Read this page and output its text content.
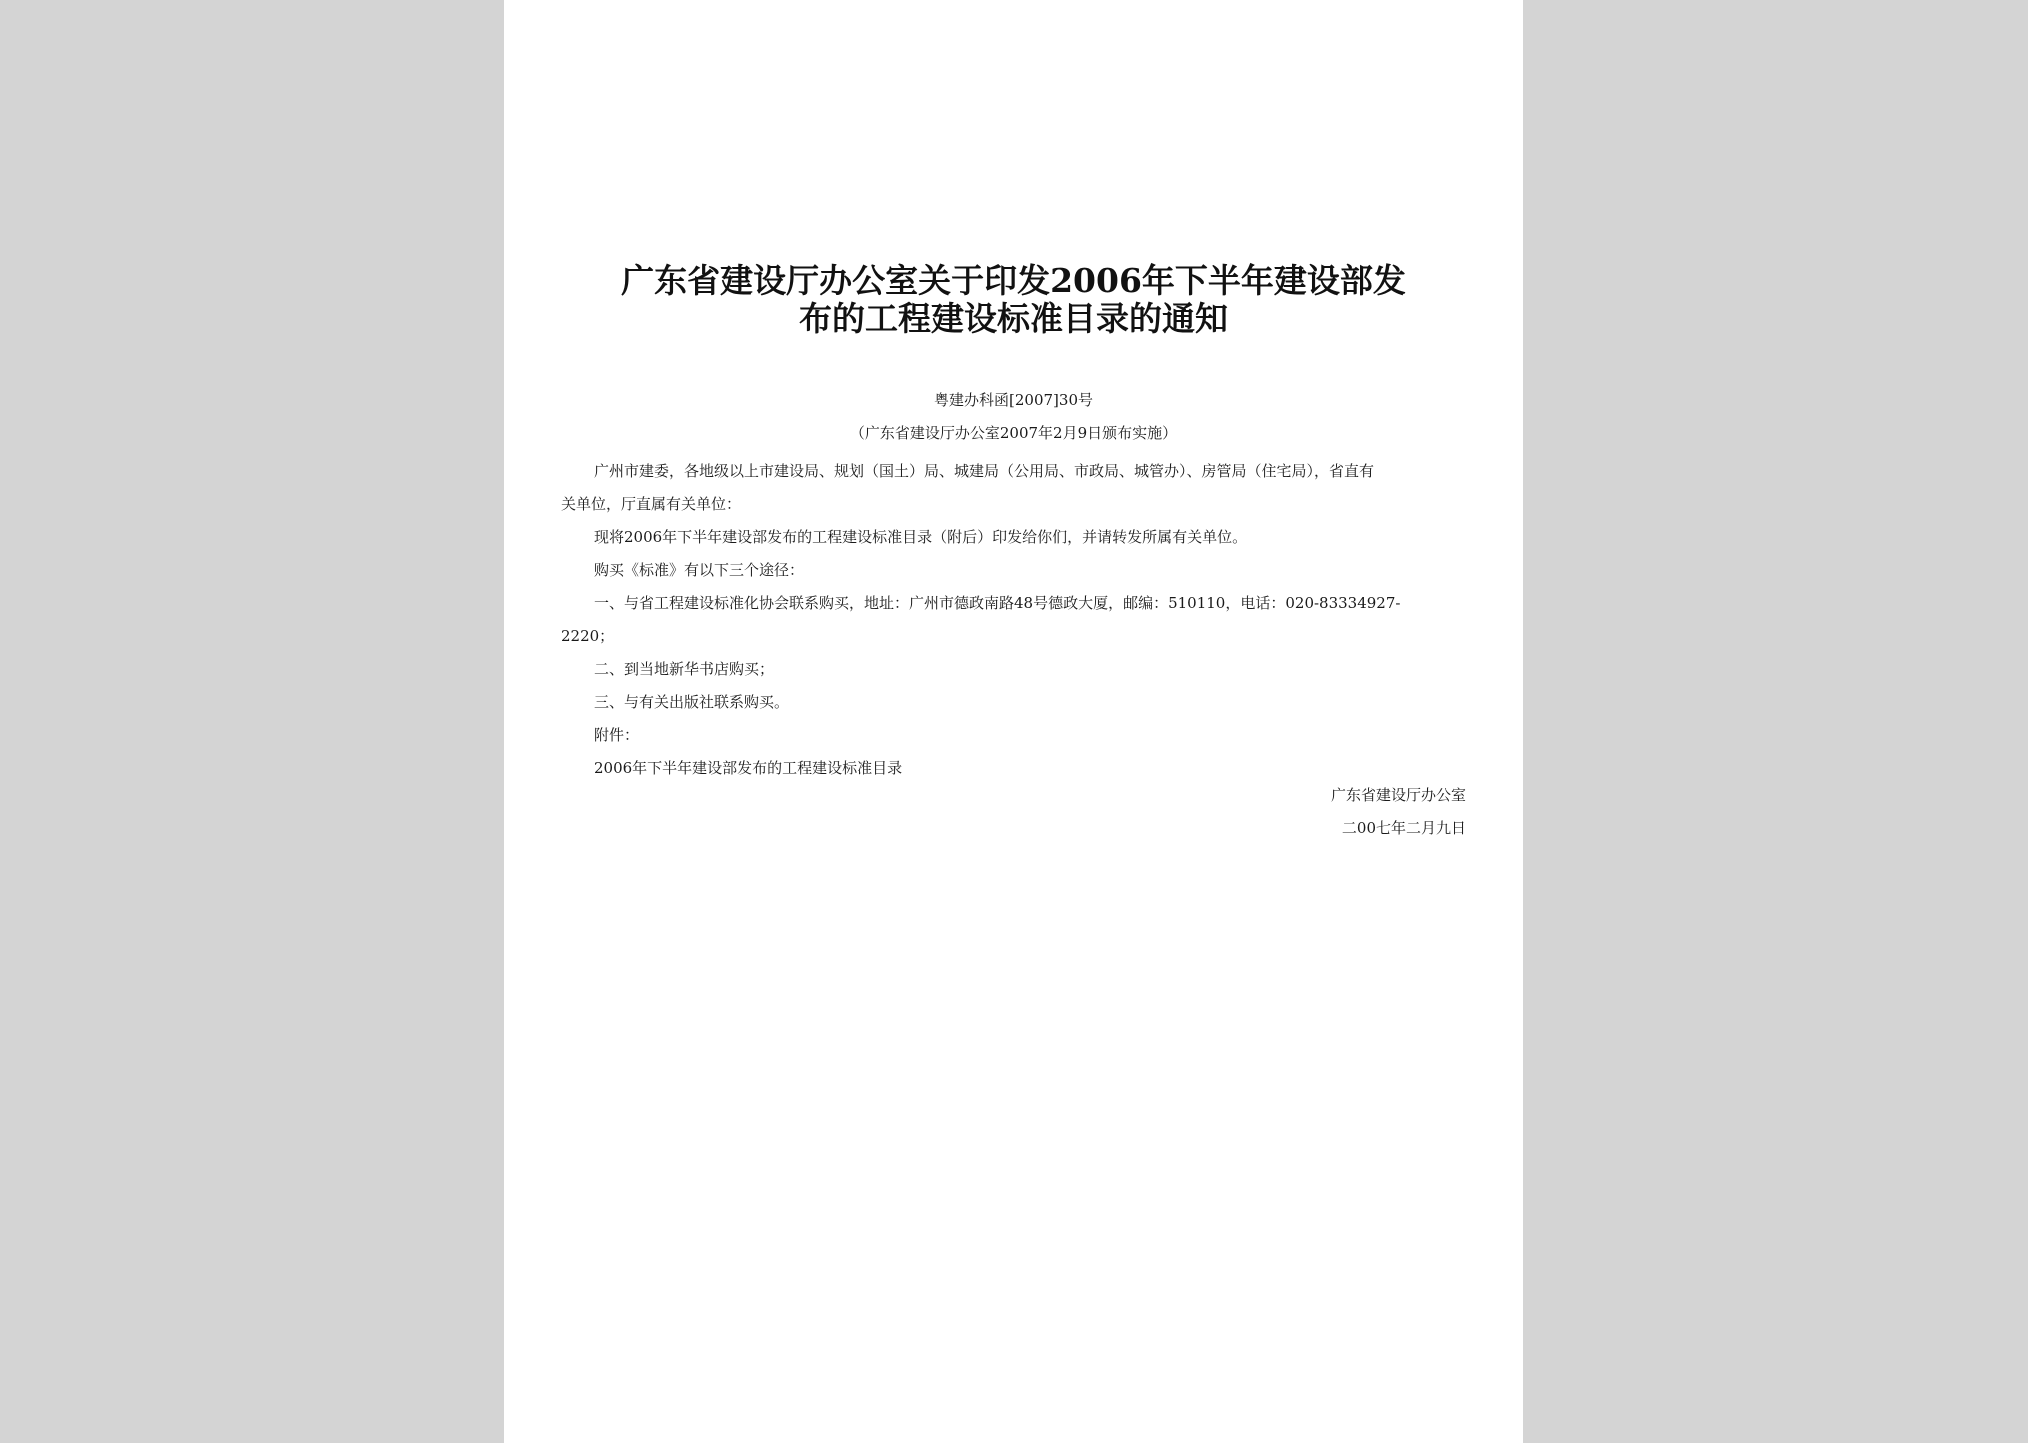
广东省建设厅办公室关于印发2006年下半年建设部发
布的工程建设标准目录的通知
粤建办科函[2007]30号
（广东省建设厅办公室2007年2月9日颁布实施）

广州市建委，各地级以上市建设局、规划（国土）局、城建局（公用局、市政局、城管办）、房管局（住宅局），省直有

关单位，厅直属有关单位：

现将2006年下半年建设部发布的工程建设标准目录（附后）印发给你们，并请转发所属有关单位。

购买《标准》有以下三个途径：

一、与省工程建设标准化协会联系购买，地址：广州市德政南路48号德政大厦，邮编：510110，电话：020-83334927-

2220；

二、到当地新华书店购买；

三、与有关出版社联系购买。

附件：

2006年下半年建设部发布的工程建设标准目录

广东省建设厅办公室
二00七年二月九日
